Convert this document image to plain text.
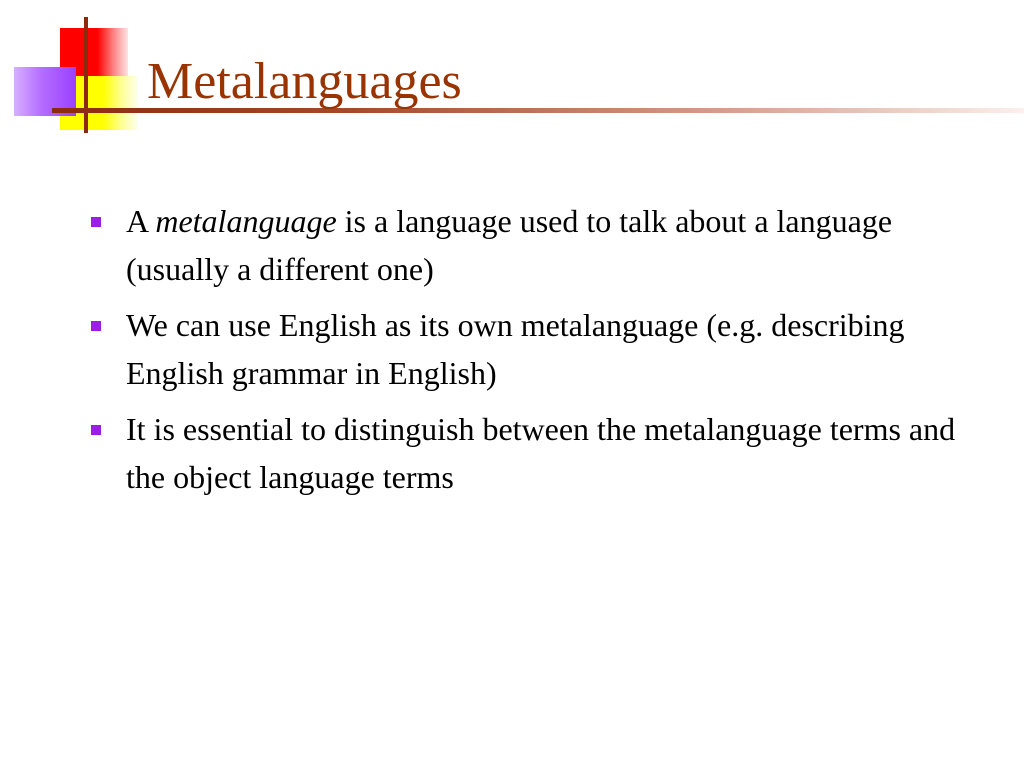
Metalanguages
A metalanguage is a language used to talk about a language (usually a different one)
We can use English as its own metalanguage (e.g. describing English grammar in English)
It is essential to distinguish between the metalanguage terms and the object language terms
